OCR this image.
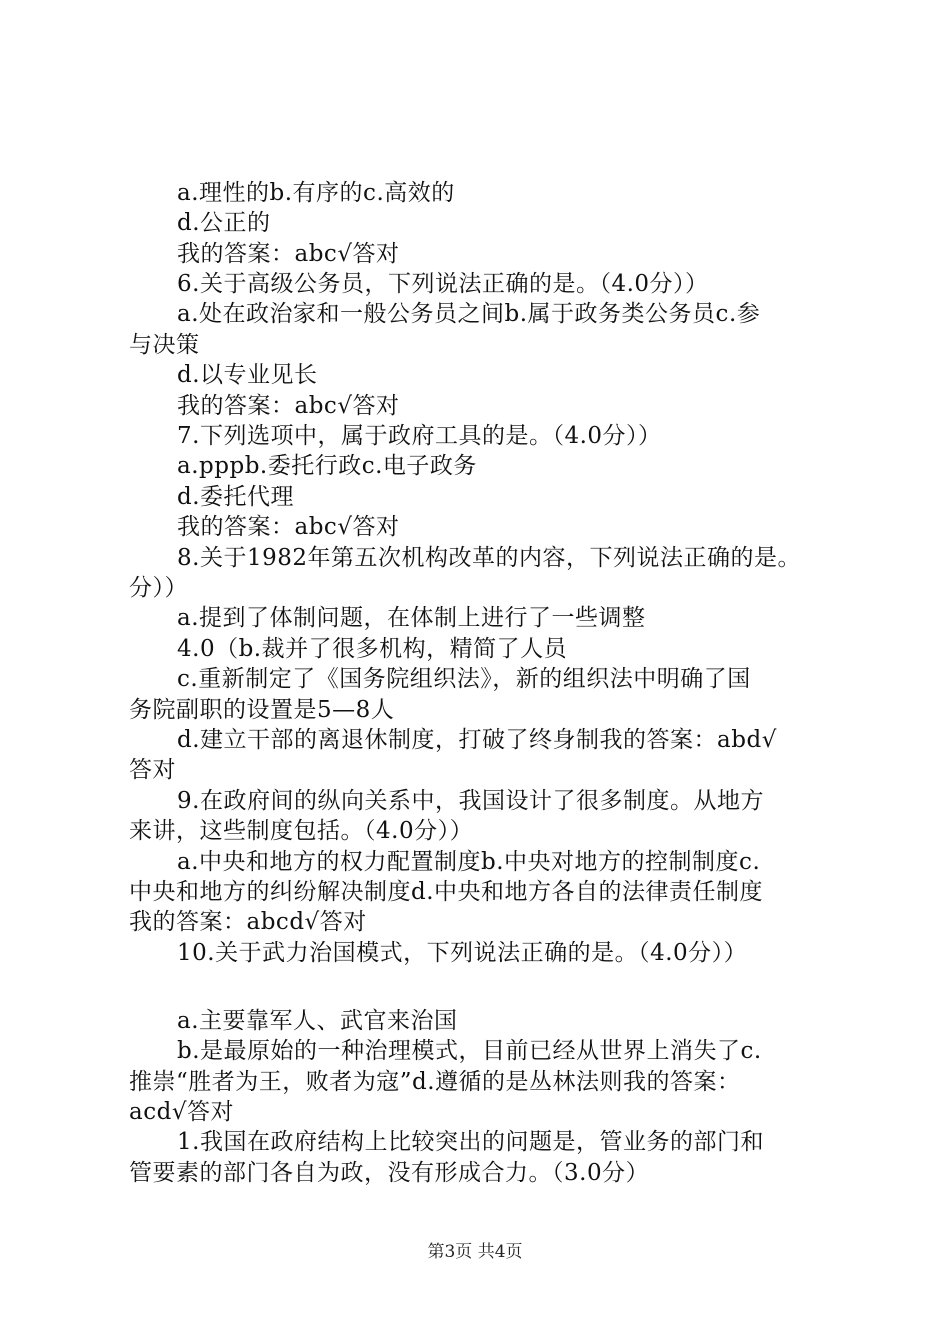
a.理性的b.有序的c.高效的
d.公正的
我的答案：abc√答对
6.关于高级公务员，下列说法正确的是。（4.0分））
a.处在政治家和一般公务员之间b.属于政务类公务员c.参
与决策
d.以专业见长
我的答案：abc√答对
7.下列选项中，属于政府工具的是。（4.0分））
a.pppb.委托行政c.电子政务
d.委托代理
我的答案：abc√答对
8.关于1982年第五次机构改革的内容，下列说法正确的是。
分））
a.提到了体制问题，在体制上进行了一些调整
4.0（b.裁并了很多机构，精简了人员
c.重新制定了《国务院组织法》，新的组织法中明确了国
务院副职的设置是5—8人
d.建立干部的离退休制度，打破了终身制我的答案：abd√
答对
9.在政府间的纵向关系中，我国设计了很多制度。从地方
来讲，这些制度包括。（4.0分））
a.中央和地方的权力配置制度b.中央对地方的控制制度c.
中央和地方的纠纷解决制度d.中央和地方各自的法律责任制度
我的答案：abcd√答对
10.关于武力治国模式，下列说法正确的是。（4.0分））
a.主要靠军人、武官来治国
b.是最原始的一种治理模式，目前已经从世界上消失了c.
推崇“胜者为王，败者为寇”d.遵循的是丛林法则我的答案：
acd√答对
1.我国在政府结构上比较突出的问题是，管业务的部门和
管要素的部门各自为政，没有形成合力。（3.0分）
第3页 共4页
